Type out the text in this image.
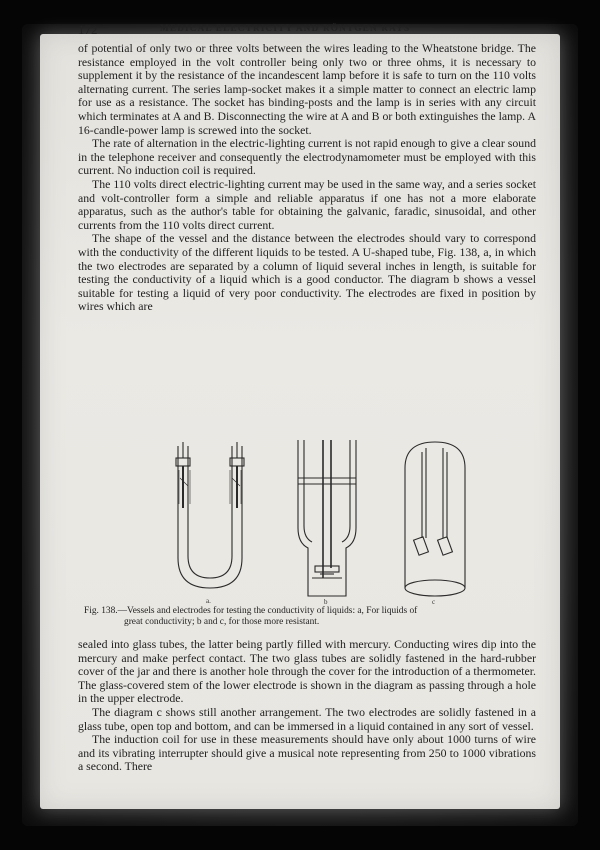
172	MEDICAL ELECTRICITY AND RÖNTGEN RAYS

of potential of only two or three volts between the wires leading to the Wheatstone bridge. The resistance employed in the volt controller being only two or three ohms, it is necessary to supplement it by the resistance of the incandescent lamp before it is safe to turn on the 110 volts alternating current. The series lamp-socket makes it a simple matter to connect an electric lamp for use as a resistance. The socket has binding-posts and the lamp is in series with any circuit which terminates at A and B. Disconnecting the wire at A and B or both extinguishes the lamp. A 16-candle-power lamp is screwed into the socket.

The rate of alternation in the electric-lighting current is not rapid enough to give a clear sound in the telephone receiver and consequently the electrodynamometer must be employed with this current. No induction coil is required.

The 110 volts direct electric-lighting current may be used in the same way, and a series socket and volt-controller form a simple and reliable apparatus if one has not a more elaborate apparatus, such as the author's table for obtaining the galvanic, faradic, sinusoidal, and other currents from the 110 volts direct current.

The shape of the vessel and the distance between the electrodes should vary to correspond with the conductivity of the different liquids to be tested. A U-shaped tube, Fig. 138, a, in which the two electrodes are separated by a column of liquid several inches in length, is suitable for testing the conductivity of a liquid which is a good conductor. The diagram b shows a vessel suitable for testing a liquid of very poor conductivity. The electrodes are fixed in position by wires which are

a.	b	c
Fig. 138.—Vessels and electrodes for testing the conductivity of liquids: a, For liquids of
great conductivity; b and c, for those more resistant.

sealed into glass tubes, the latter being partly filled with mercury. Conducting wires dip into the mercury and make perfect contact. The two glass tubes are solidly fastened in the hard-rubber cover of the jar and there is another hole through the cover for the introduction of a thermometer. The glass-covered stem of the lower electrode is shown in the diagram as passing through a hole in the upper electrode.

The diagram c shows still another arrangement. The two electrodes are solidly fastened in a glass tube, open top and bottom, and can be immersed in a liquid contained in any sort of vessel.

The induction coil for use in these measurements should have only about 1000 turns of wire and its vibrating interrupter should give a musical note representing from 250 to 1000 vibrations a second. There
